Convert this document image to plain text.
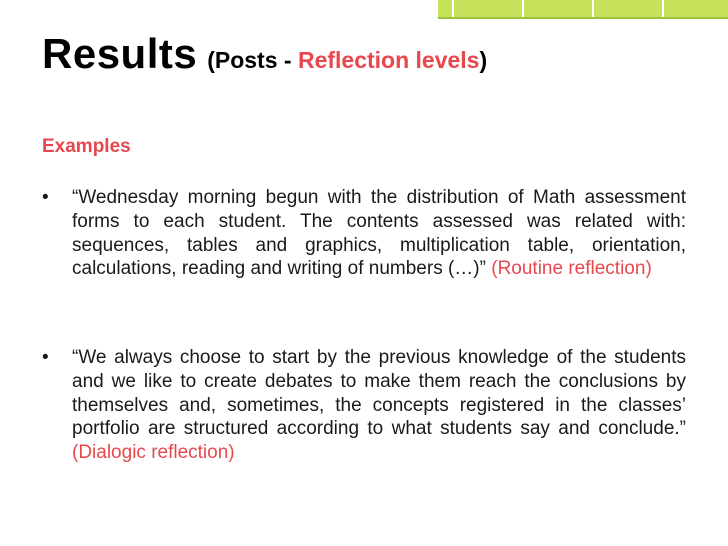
Results (Posts - Reflection levels)
Examples
• “Wednesday morning begun with the distribution of Math assessment forms to each student. The contents assessed was related with: sequences, tables and graphics, multiplication table, orientation, calculations, reading and writing of numbers (…)” (Routine reflection)
• “We always choose to start by the previous knowledge of the students and we like to create debates to make them reach the conclusions by themselves and, sometimes, the concepts registered in the classes’ portfolio are structured according to what students say and conclude.” (Dialogic reflection)
